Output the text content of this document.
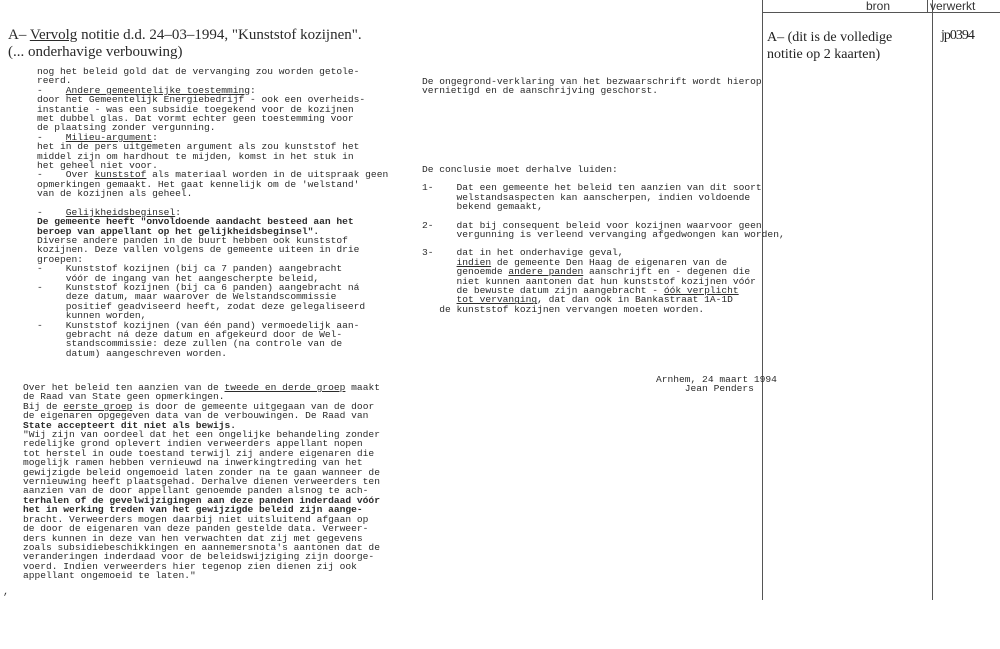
A– Vervolg notitie d.d. 24–03–1994, "Kunststof kozijnen".
(... onderhavige verbouwing)
bron	verwerkt
A– (dit is de volledige
notitie op 2 kaarten)
jp0394
nog het beleid gold dat de vervanging zou worden getole-
reerd.
-    Andere gemeentelijke toestemming:
door het Gemeentelijk Energiebedrijf - ook een overheids-
instantie - was een subsidie toegekend voor de kozijnen
met dubbel glas. Dat vormt echter geen toestemming voor
de plaatsing zonder vergunning.
-    Milieu-argument:
het in de pers uitgemeten argument als zou kunststof het
middel zijn om hardhout te mijden, komst in het stuk in
het geheel niet voor.
-    Over kunststof als materiaal worden in de uitspraak geen
opmerkingen gemaakt. Het gaat kennelijk om de 'welstand'
van de kozijnen als geheel.
-    Gelijkheidsbeginsel:
De gemeente heeft "onvoldoende aandacht besteed aan het
beroep van appellant op het gelijkheidsbeginsel".
Diverse andere panden in de buurt hebben ook kunststof
kozijnen. Deze vallen volgens de gemeente uiteen in drie
groepen:
-    Kunststof kozijnen (bij ca 7 panden) aangebracht
vóór de ingang van het aangescherpte beleid,
-    Kunststof kozijnen (bij ca 6 panden) aangebracht ná
deze datum, maar waarover de Welstandscommissie
positief geadviseerd heeft, zodat deze gelegaliseerd
kunnen worden,
-    Kunststof kozijnen (van één pand) vermoedelijk aan-
gebracht ná deze datum en afgekeurd door de Wel-
standscommissie: deze zullen (na controle van de
datum) aangeschreven worden.
Over het beleid ten aanzien van de tweede en derde groep maakt
de Raad van State geen opmerkingen.
Bij de eerste groep is door de gemeente uitgegaan van de door
de eigenaren opgegeven data van de verbouwingen. De Raad van
State accepteert dit niet als bewijs.
"Wij zijn van oordeel dat het een ongelijke behandeling zonder
redelijke grond oplevert indien verweerders appellant nopen
tot herstel in oude toestand terwijl zij andere eigenaren die
mogelijk ramen hebben vernieuwd na inwerkingtreding van het
gewijzigde beleid ongemoeid laten zonder na te gaan wanneer de
vernieuwing heeft plaatsgehad. Derhalve dienen verweerders ten
aanzien van de door appellant genoemde panden alsnog te ach-
terhalen of de gevelwijzigingen aan deze panden inderdaad vóór
het in werking treden van het gewijzigde beleid zijn aange-
bracht. Verweerders mogen daarbij niet uitsluitend afgaan op
de door de eigenaren van deze panden gestelde data. Verweer-
ders kunnen in deze van hen verwachten dat zij met gegevens
zoals subsidiebeschikkingen en aannemersnota's aantonen dat de
veranderingen inderdaad voor de beleidswijziging zijn doorge-
voerd. Indien verweerders hier tegenop zien dienen zij ook
appellant ongemoeid te laten."
De ongegrond-verklaring van het bezwaarschrift wordt hierop
vernietigd en de aanschrijving geschorst.
De conclusie moet derhalve luiden:
1-    Dat een gemeente het beleid ten aanzien van dit soort
welstandsaspecten kan aanscherpen, indien voldoende
bekend gemaakt,
2-    dat bij consequent beleid voor kozijnen waarvoor geen
vergunning is verleend vervanging afgedwongen kan worden,
3-    dat in het onderhavige geval,
indien de gemeente Den Haag de eigenaren van de
genoemde andere panden aanschrijft en - degenen die
niet kunnen aantonen dat hun kunststof kozijnen vóór
de bewuste datum zijn aangebracht - óók verplicht
tot vervanging, dat dan ook in Bankastraat 1A-1D
de kunststof kozijnen vervangen moeten worden.
Arnhem, 24 maart 1994
Jean Penders
,
